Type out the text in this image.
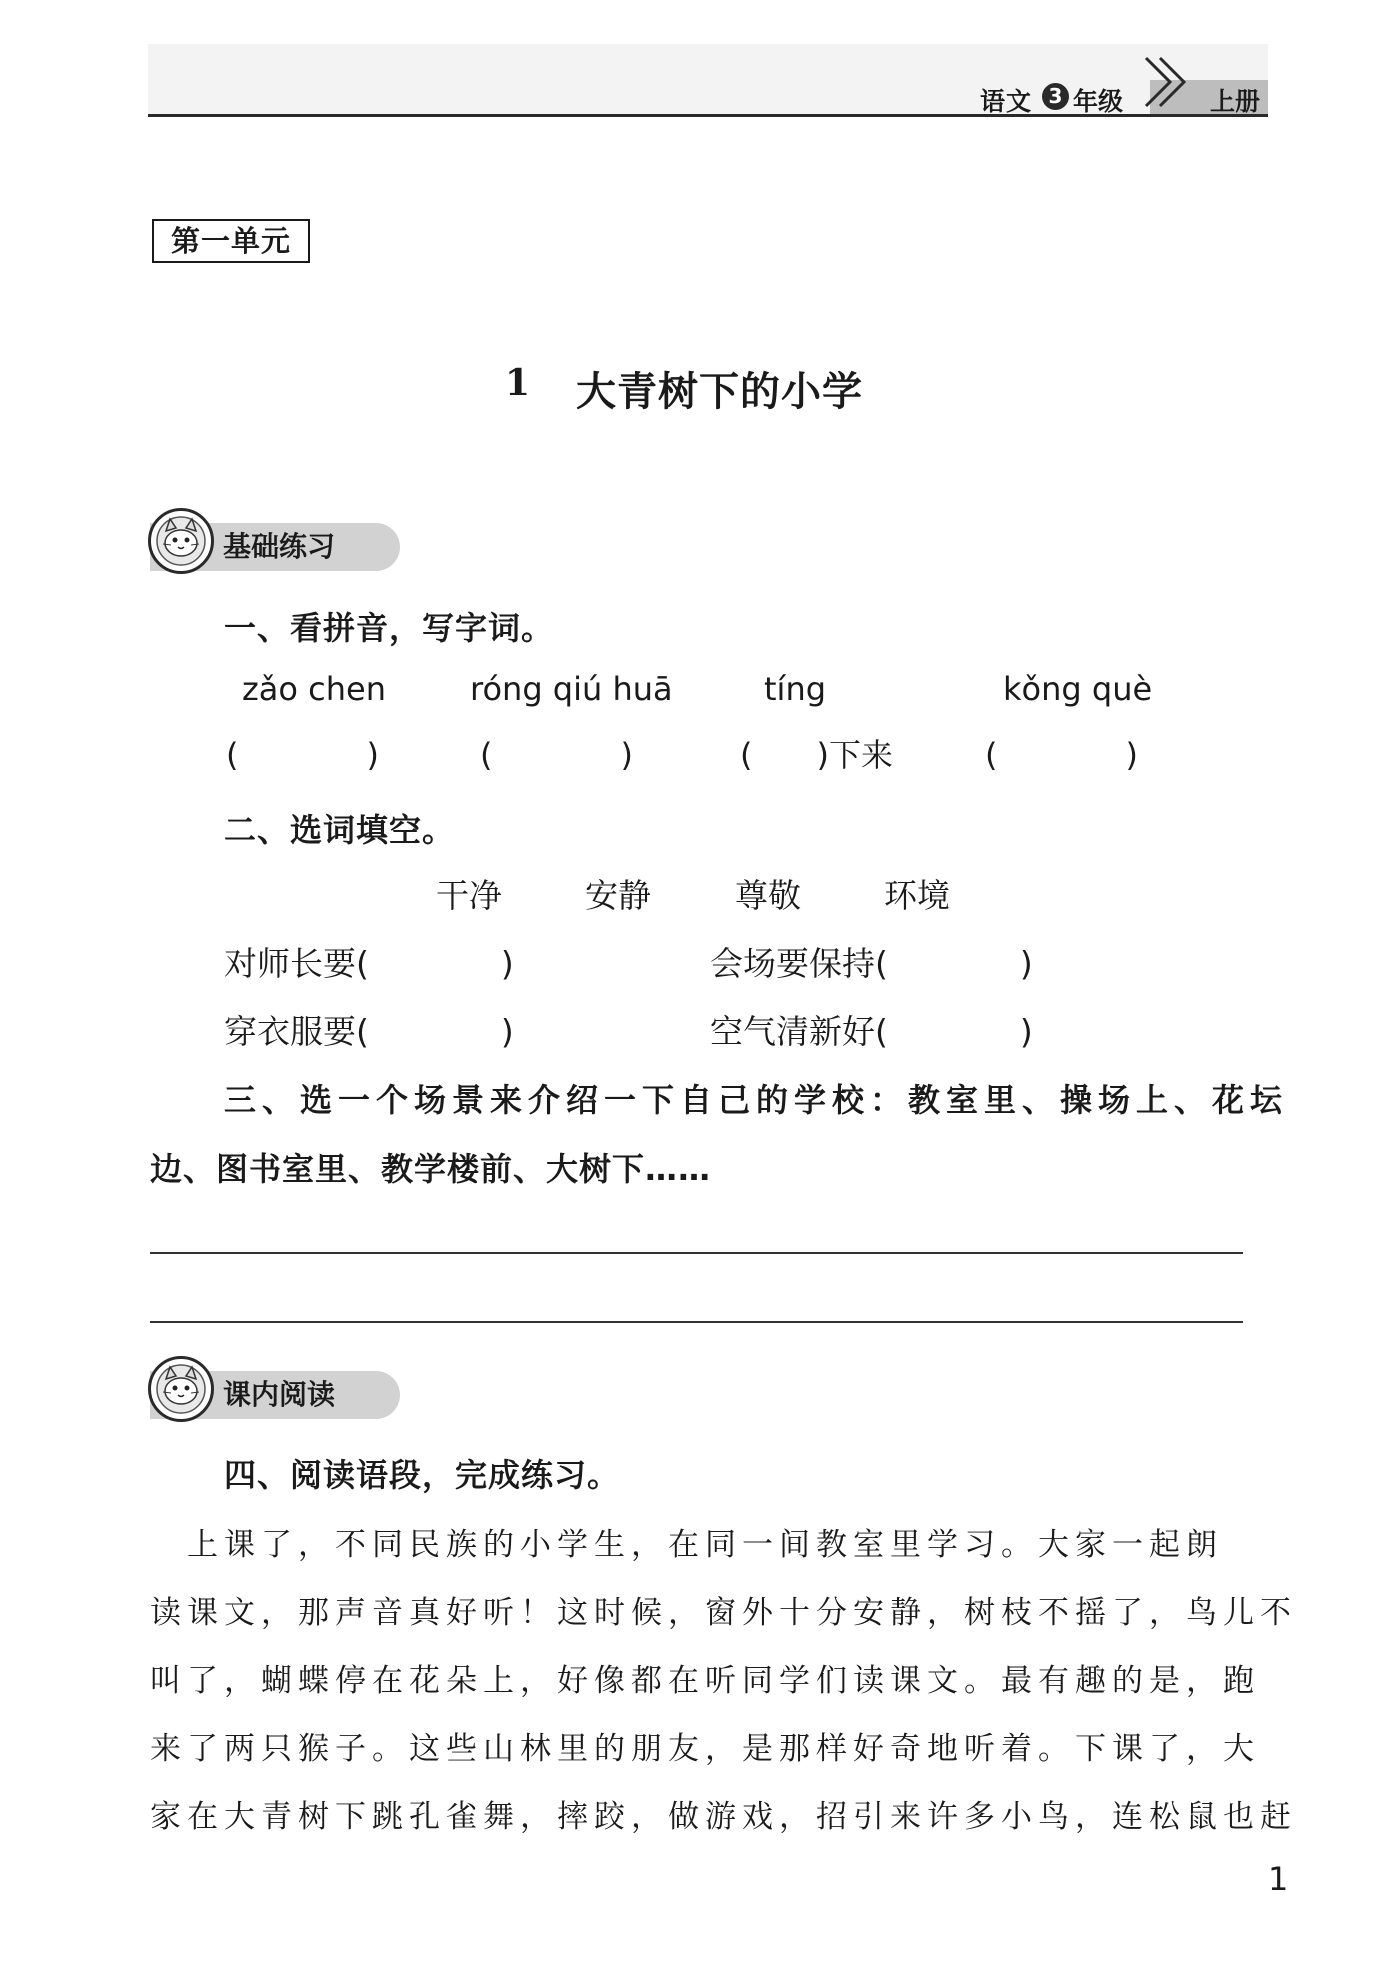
语文 3 年级	上册
第一单元
1 大青树下的小学
基础练习
一、看拼音，写字词。
zǎo chen	róng qiú huā	tíng	kǒng què
(　　　　)	(　　　　)	(　　)下来	(　　　　)
二、选词填空。
干净	安静	尊敬	环境
对师长要(　　　　)	会场要保持(　　　　)
穿衣服要(　　　　)	空气清新好(　　　　)
三、选一个场景来介绍一下自己的学校：教室里、操场上、花坛
边、图书室里、教学楼前、大树下……
课内阅读
四、阅读语段，完成练习。
　上课了，不同民族的小学生，在同一间教室里学习。大家一起朗
读课文，那声音真好听！这时候，窗外十分安静，树枝不摇了，鸟儿不
叫了，蝴蝶停在花朵上，好像都在听同学们读课文。最有趣的是，跑
来了两只猴子。这些山林里的朋友，是那样好奇地听着。下课了，大
家在大青树下跳孔雀舞，摔跤，做游戏，招引来许多小鸟，连松鼠也赶
1
